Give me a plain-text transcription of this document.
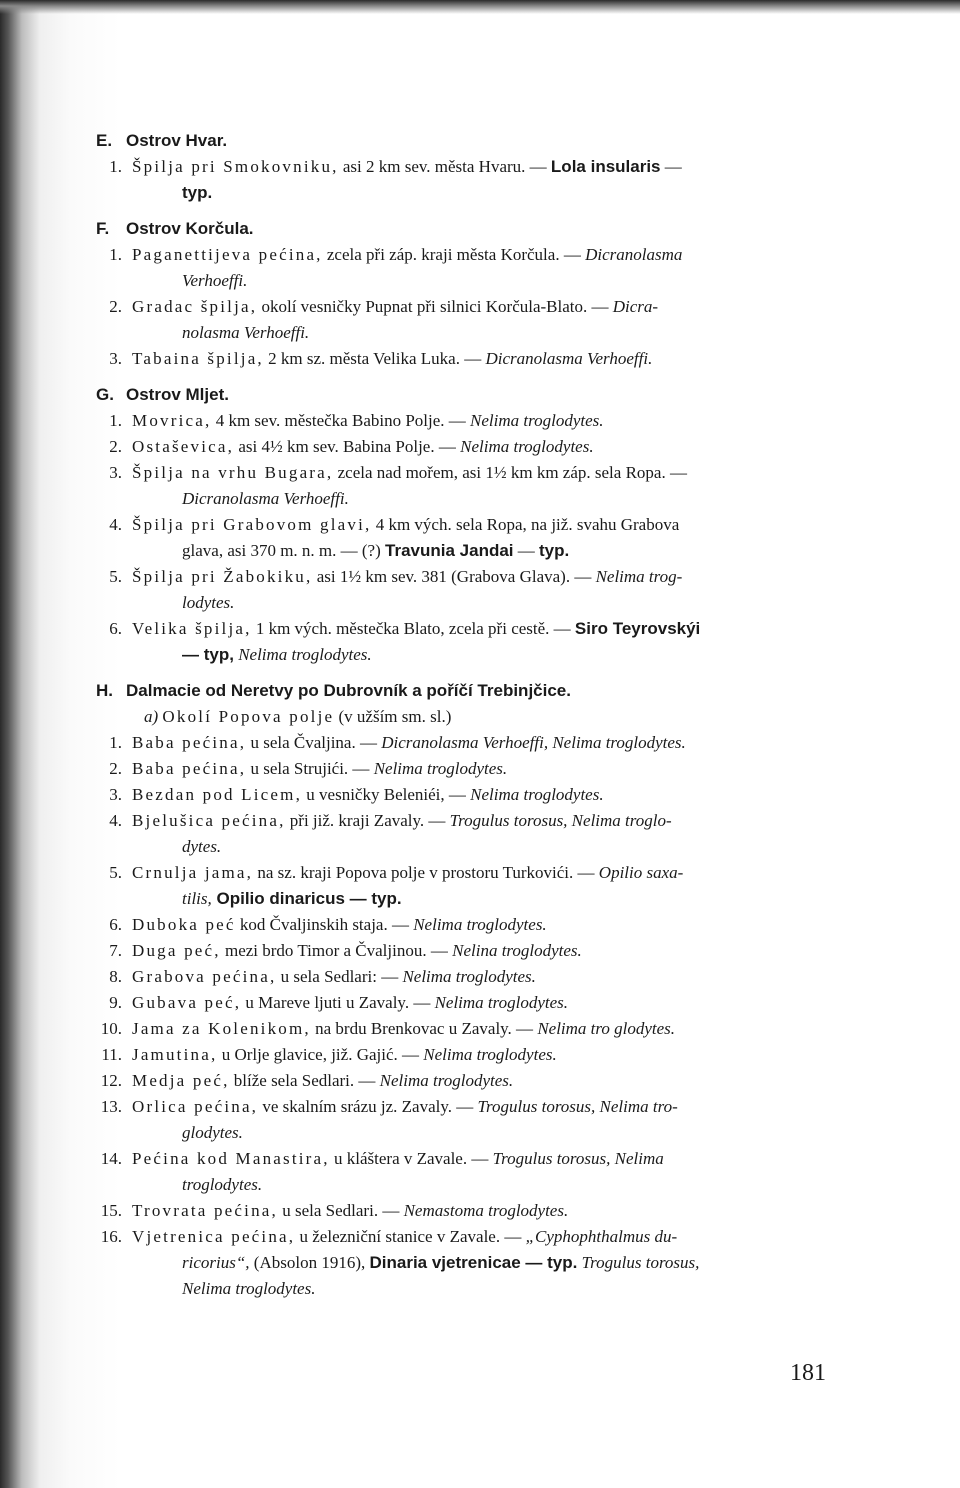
E. Ostrov Hvar.
1. Špilja pri Smokovniku, asi 2 km sev. města Hvaru. — Lola insularis —
typ.
F. Ostrov Korčula.
1. Paganettijeva pećina, zcela při záp. kraji města Korčula. — Dicranolasma
Verhoeffi.
2. Gradac špilja, okolí vesničky Pupnat při silnici Korčula-Blato. — Dicra-
nolasma Verhoeffi.
3. Tabaina špilja, 2 km sz. města Velika Luka. — Dicranolasma Verhoeffi.
G. Ostrov Mljet.
1. Movrica, 4 km sev. městečka Babino Polje. — Nelima troglodytes.
2. Ostaševica, asi 4½ km sev. Babina Polje. — Nelima troglodytes.
3. Špilja na vrhu Bugara, zcela nad mořem, asi 1½ km km záp. sela Ropa. —
Dicranolasma Verhoeffi.
4. Špilja pri Grabovom glavi, 4 km vých. sela Ropa, na již. svahu Grabova
glava, asi 370 m. n. m. — (?) Travunia Jandai — typ.
5. Špilja pri Žabokiku, asi 1½ km sev. 381 (Grabova Glava). — Nelima trog-
lodytes.
6. Velika špilja, 1 km vých. městečka Blato, zcela při cestě. — Siro Teyrovskýi
— typ, Nelima troglodytes.
H. Dalmacie od Neretvy po Dubrovník a poříčí Trebinjčice.
a) Okolí Popova polje (v užším sm. sl.)
1. Baba pećina, u sela Čvaljina. — Dicranolasma Verhoeffi, Nelima troglodytes.
2. Baba pećina, u sela Strujići. — Nelima troglodytes.
3. Bezdan pod Licem, u vesničky Beleniéi, — Nelima troglodytes.
4. Bjelušica pećina, při již. kraji Zavaly. — Trogulus torosus, Nelima troglo-
dytes.
5. Crnulja jama, na sz. kraji Popova polje v prostoru Turkovići. — Opilio saxa-
tilis, Opilio dinaricus — typ.
6. Duboka peć kod Čvaljinskih staja. — Nelima troglodytes.
7. Duga peć, mezi brdo Timor a Čvaljinou. — Nelina troglodytes.
8. Grabova pećina, u sela Sedlari: — Nelima troglodytes.
9. Gubava peć, u Mareve ljuti u Zavaly. — Nelima troglodytes.
10. Jama za Kolenikom, na brdu Brenkovac u Zavaly. — Nelima tro glodytes.
11. Jamutina, u Orlje glavice, již. Gajić. — Nelima troglodytes.
12. Medja peć, blíže sela Sedlari. — Nelima troglodytes.
13. Orlica pećina, ve skalním srázu jz. Zavaly. — Trogulus torosus, Nelima tro-
glodytes.
14. Pećina kod Manastira, u kláštera v Zavale. — Trogulus torosus, Nelima
troglodytes.
15. Trovrata pećina, u sela Sedlari. — Nemastoma troglodytes.
16. Vjetrenica pećina, u železniční stanice v Zavale. — „Cyphophthalmus du-
ricorius“, (Absolon 1916), Dinaria vjetrenicae — typ. Trogulus torosus,
Nelima troglodytes.
181
